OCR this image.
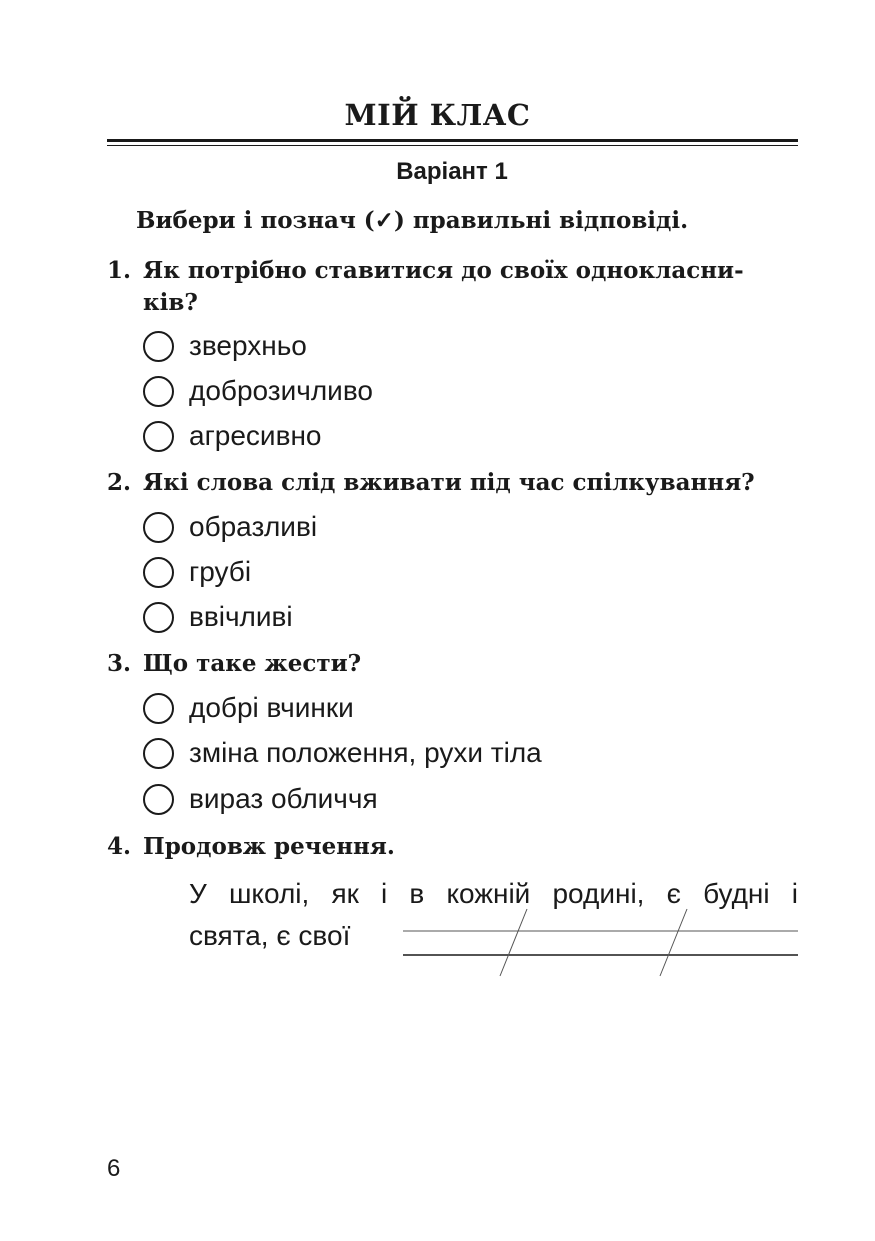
МІЙ КЛАС
Варіант 1
Вибери і познач (✓) правильні відповіді.
1. Як потрібно ставитися до своїх однокласни-
ків?
зверхньо
доброзичливо
агресивно
2. Які слова слід вживати під час спілкування?
образливі
грубі
ввічливі
3. Що таке жести?
добрі вчинки
зміна положення, рухи тіла
вираз обличчя
4. Продовж речення.
У школі, як і в кожній родині, є будні і
свята, є свої
6
